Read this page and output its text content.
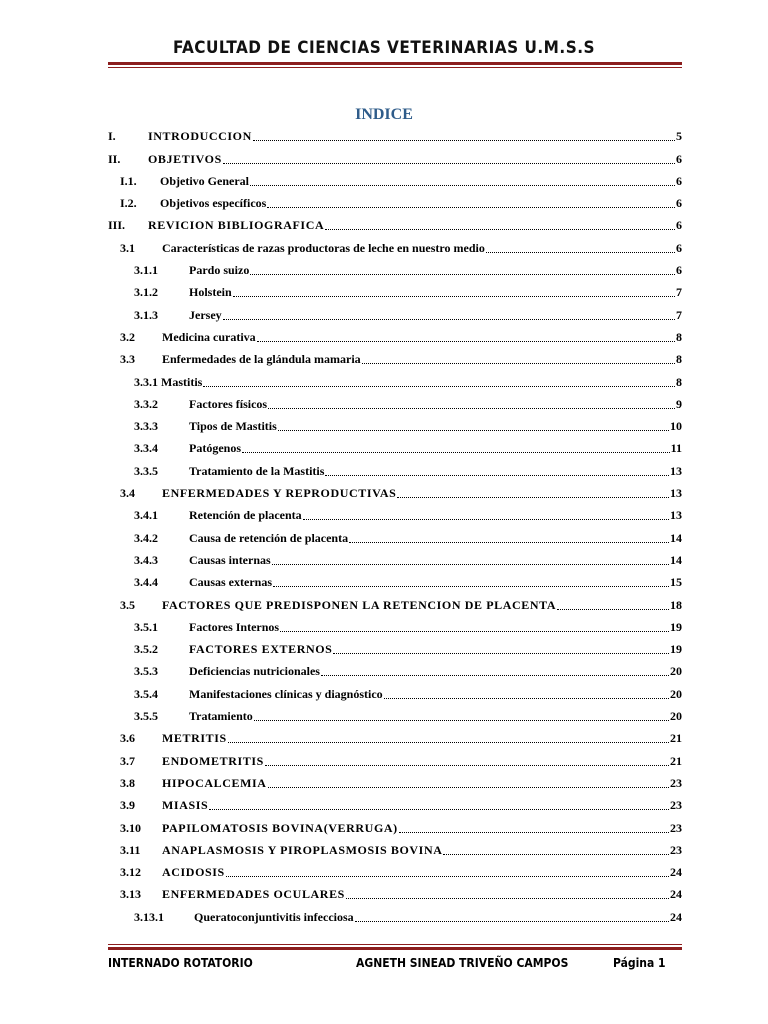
FACULTAD DE CIENCIAS VETERINARIAS U.M.S.S
INDICE
I.	INTRODUCCION	5
II.	OBJETIVOS	6
I.1.	Objetivo General	6
I.2.	Objetivos específicos	6
III.	REVICION BIBLIOGRAFICA	6
3.1	Características de razas productoras de leche en nuestro medio	6
3.1.1	Pardo suizo	6
3.1.2	Holstein	7
3.1.3	Jersey	7
3.2	Medicina curativa	8
3.3	Enfermedades de la glándula mamaria	8
3.3.1 Mastitis	8
3.3.2	Factores físicos	9
3.3.3	Tipos de Mastitis	10
3.3.4	Patógenos	11
3.3.5	Tratamiento de la Mastitis	13
3.4	ENFERMEDADES Y REPRODUCTIVAS	13
3.4.1	Retención de placenta	13
3.4.2	Causa de retención de placenta	14
3.4.3	Causas internas	14
3.4.4	Causas externas	15
3.5	FACTORES QUE PREDISPONEN LA RETENCION DE PLACENTA	18
3.5.1	Factores Internos	19
3.5.2	FACTORES EXTERNOS	19
3.5.3	Deficiencias nutricionales	20
3.5.4	Manifestaciones clínicas y diagnóstico	20
3.5.5	Tratamiento	20
3.6	METRITIS	21
3.7	ENDOMETRITIS	21
3.8	HIPOCALCEMIA	23
3.9	MIASIS	23
3.10	PAPILOMATOSIS BOVINA(VERRUGA)	23
3.11	ANAPLASMOSIS Y PIROPLASMOSIS BOVINA	23
3.12	ACIDOSIS	24
3.13	ENFERMEDADES OCULARES	24
3.13.1	Queratoconjuntivitis infecciosa	24
INTERNADO ROTATORIO	AGNETH SINEAD TRIVEÑO CAMPOS	Página 1
